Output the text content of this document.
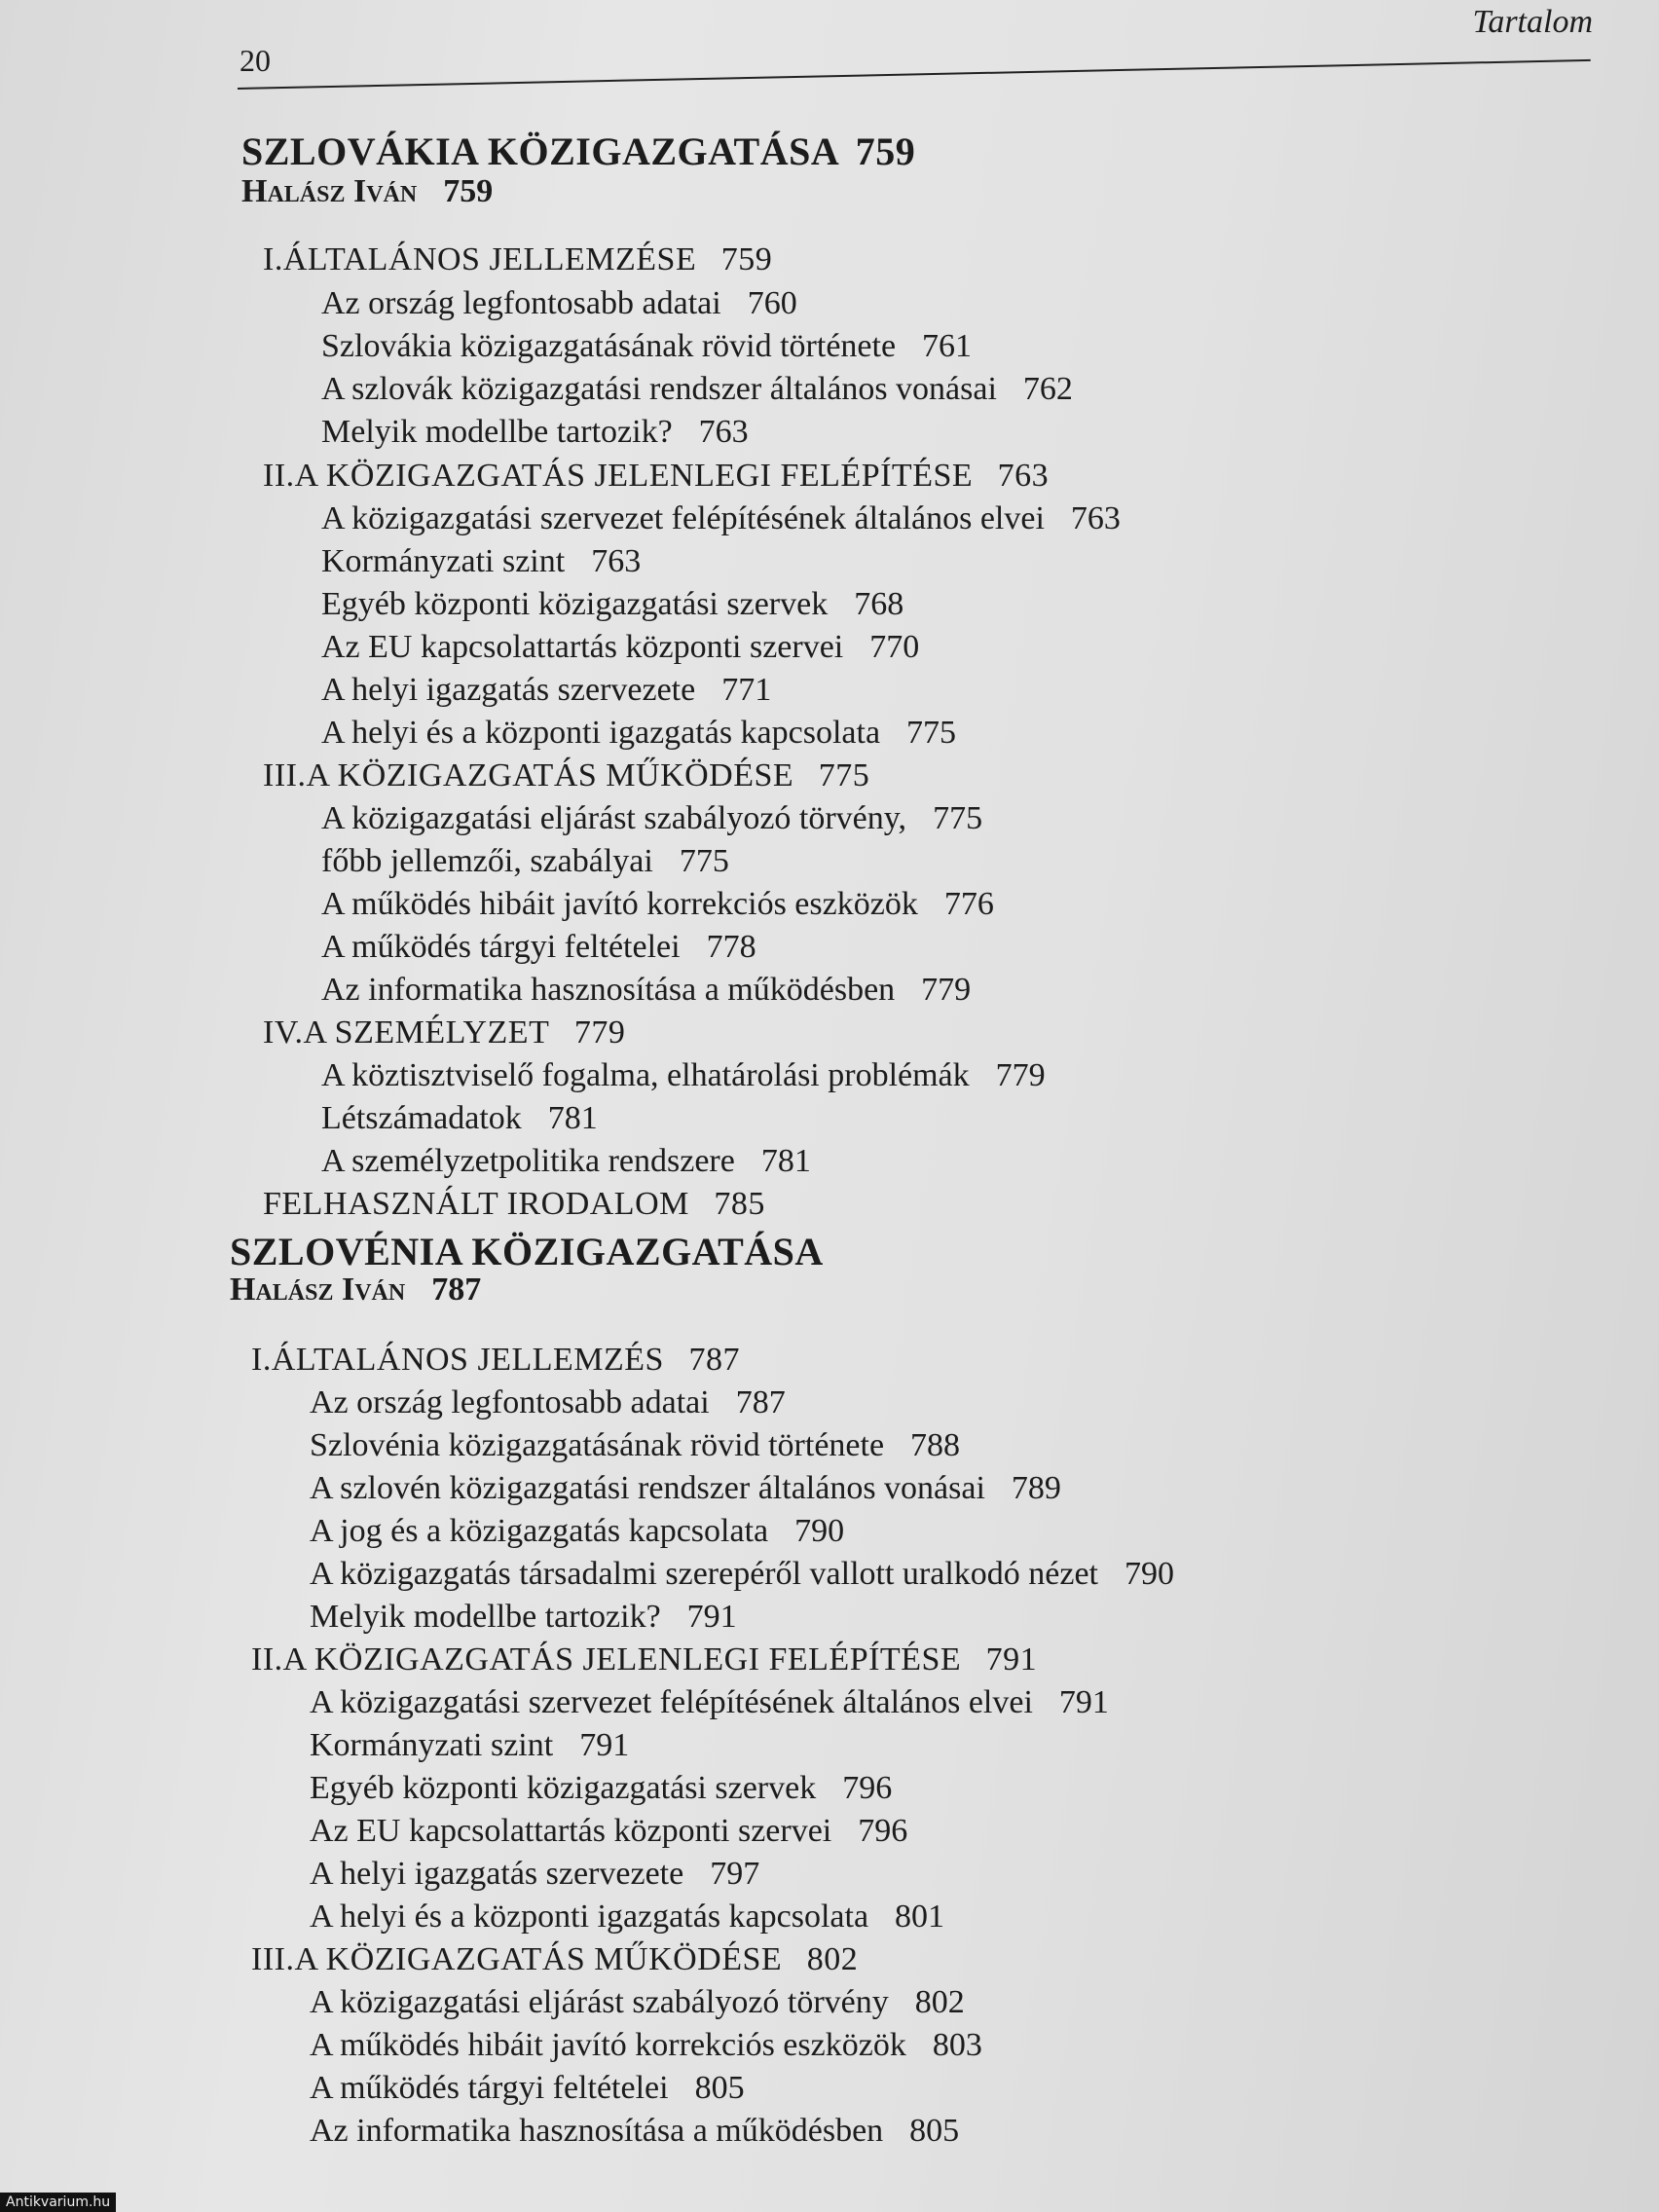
Tartalom
20
SZLOVÁKIA KÖZIGAZGATÁSA 759
Halász Iván 759
I. ÁLTALÁNOS JELLEMZÉSE 759
Az ország legfontosabb adatai 760
Szlovákia közigazgatásának rövid története 761
A szlovák közigazgatási rendszer általános vonásai 762
Melyik modellbe tartozik? 763
II. A KÖZIGAZGATÁS JELENLEGI FELÉPÍTÉSE 763
A közigazgatási szervezet felépítésének általános elvei 763
Kormányzati szint 763
Egyéb központi közigazgatási szervek 768
Az EU kapcsolattartás központi szervei 770
A helyi igazgatás szervezete 771
A helyi és a központi igazgatás kapcsolata 775
III. A KÖZIGAZGATÁS MŰKÖDÉSE 775
A közigazgatási eljárást szabályozó törvény, 775
főbb jellemzői, szabályai 775
A működés hibáit javító korrekciós eszközök 776
A működés tárgyi feltételei 778
Az informatika hasznosítása a működésben 779
IV. A SZEMÉLYZET 779
A köztisztviselő fogalma, elhatárolási problémák 779
Létszámadatok 781
A személyzetpolitika rendszere 781
FELHASZNÁLT IRODALOM 785
SZLOVÉNIA KÖZIGAZGATÁSA
Halász Iván 787
I. ÁLTALÁNOS JELLEMZÉS 787
Az ország legfontosabb adatai 787
Szlovénia közigazgatásának rövid története 788
A szlovén közigazgatási rendszer általános vonásai 789
A jog és a közigazgatás kapcsolata 790
A közigazgatás társadalmi szerepéről vallott uralkodó nézet 790
Melyik modellbe tartozik? 791
II. A KÖZIGAZGATÁS JELENLEGI FELÉPÍTÉSE 791
A közigazgatási szervezet felépítésének általános elvei 791
Kormányzati szint 791
Egyéb központi közigazgatási szervek 796
Az EU kapcsolattartás központi szervei 796
A helyi igazgatás szervezete 797
A helyi és a központi igazgatás kapcsolata 801
III. A KÖZIGAZGATÁS MŰKÖDÉSE 802
A közigazgatási eljárást szabályozó törvény 802
A működés hibáit javító korrekciós eszközök 803
A működés tárgyi feltételei 805
Az informatika hasznosítása a működésben 805
Antikvarium.hu
